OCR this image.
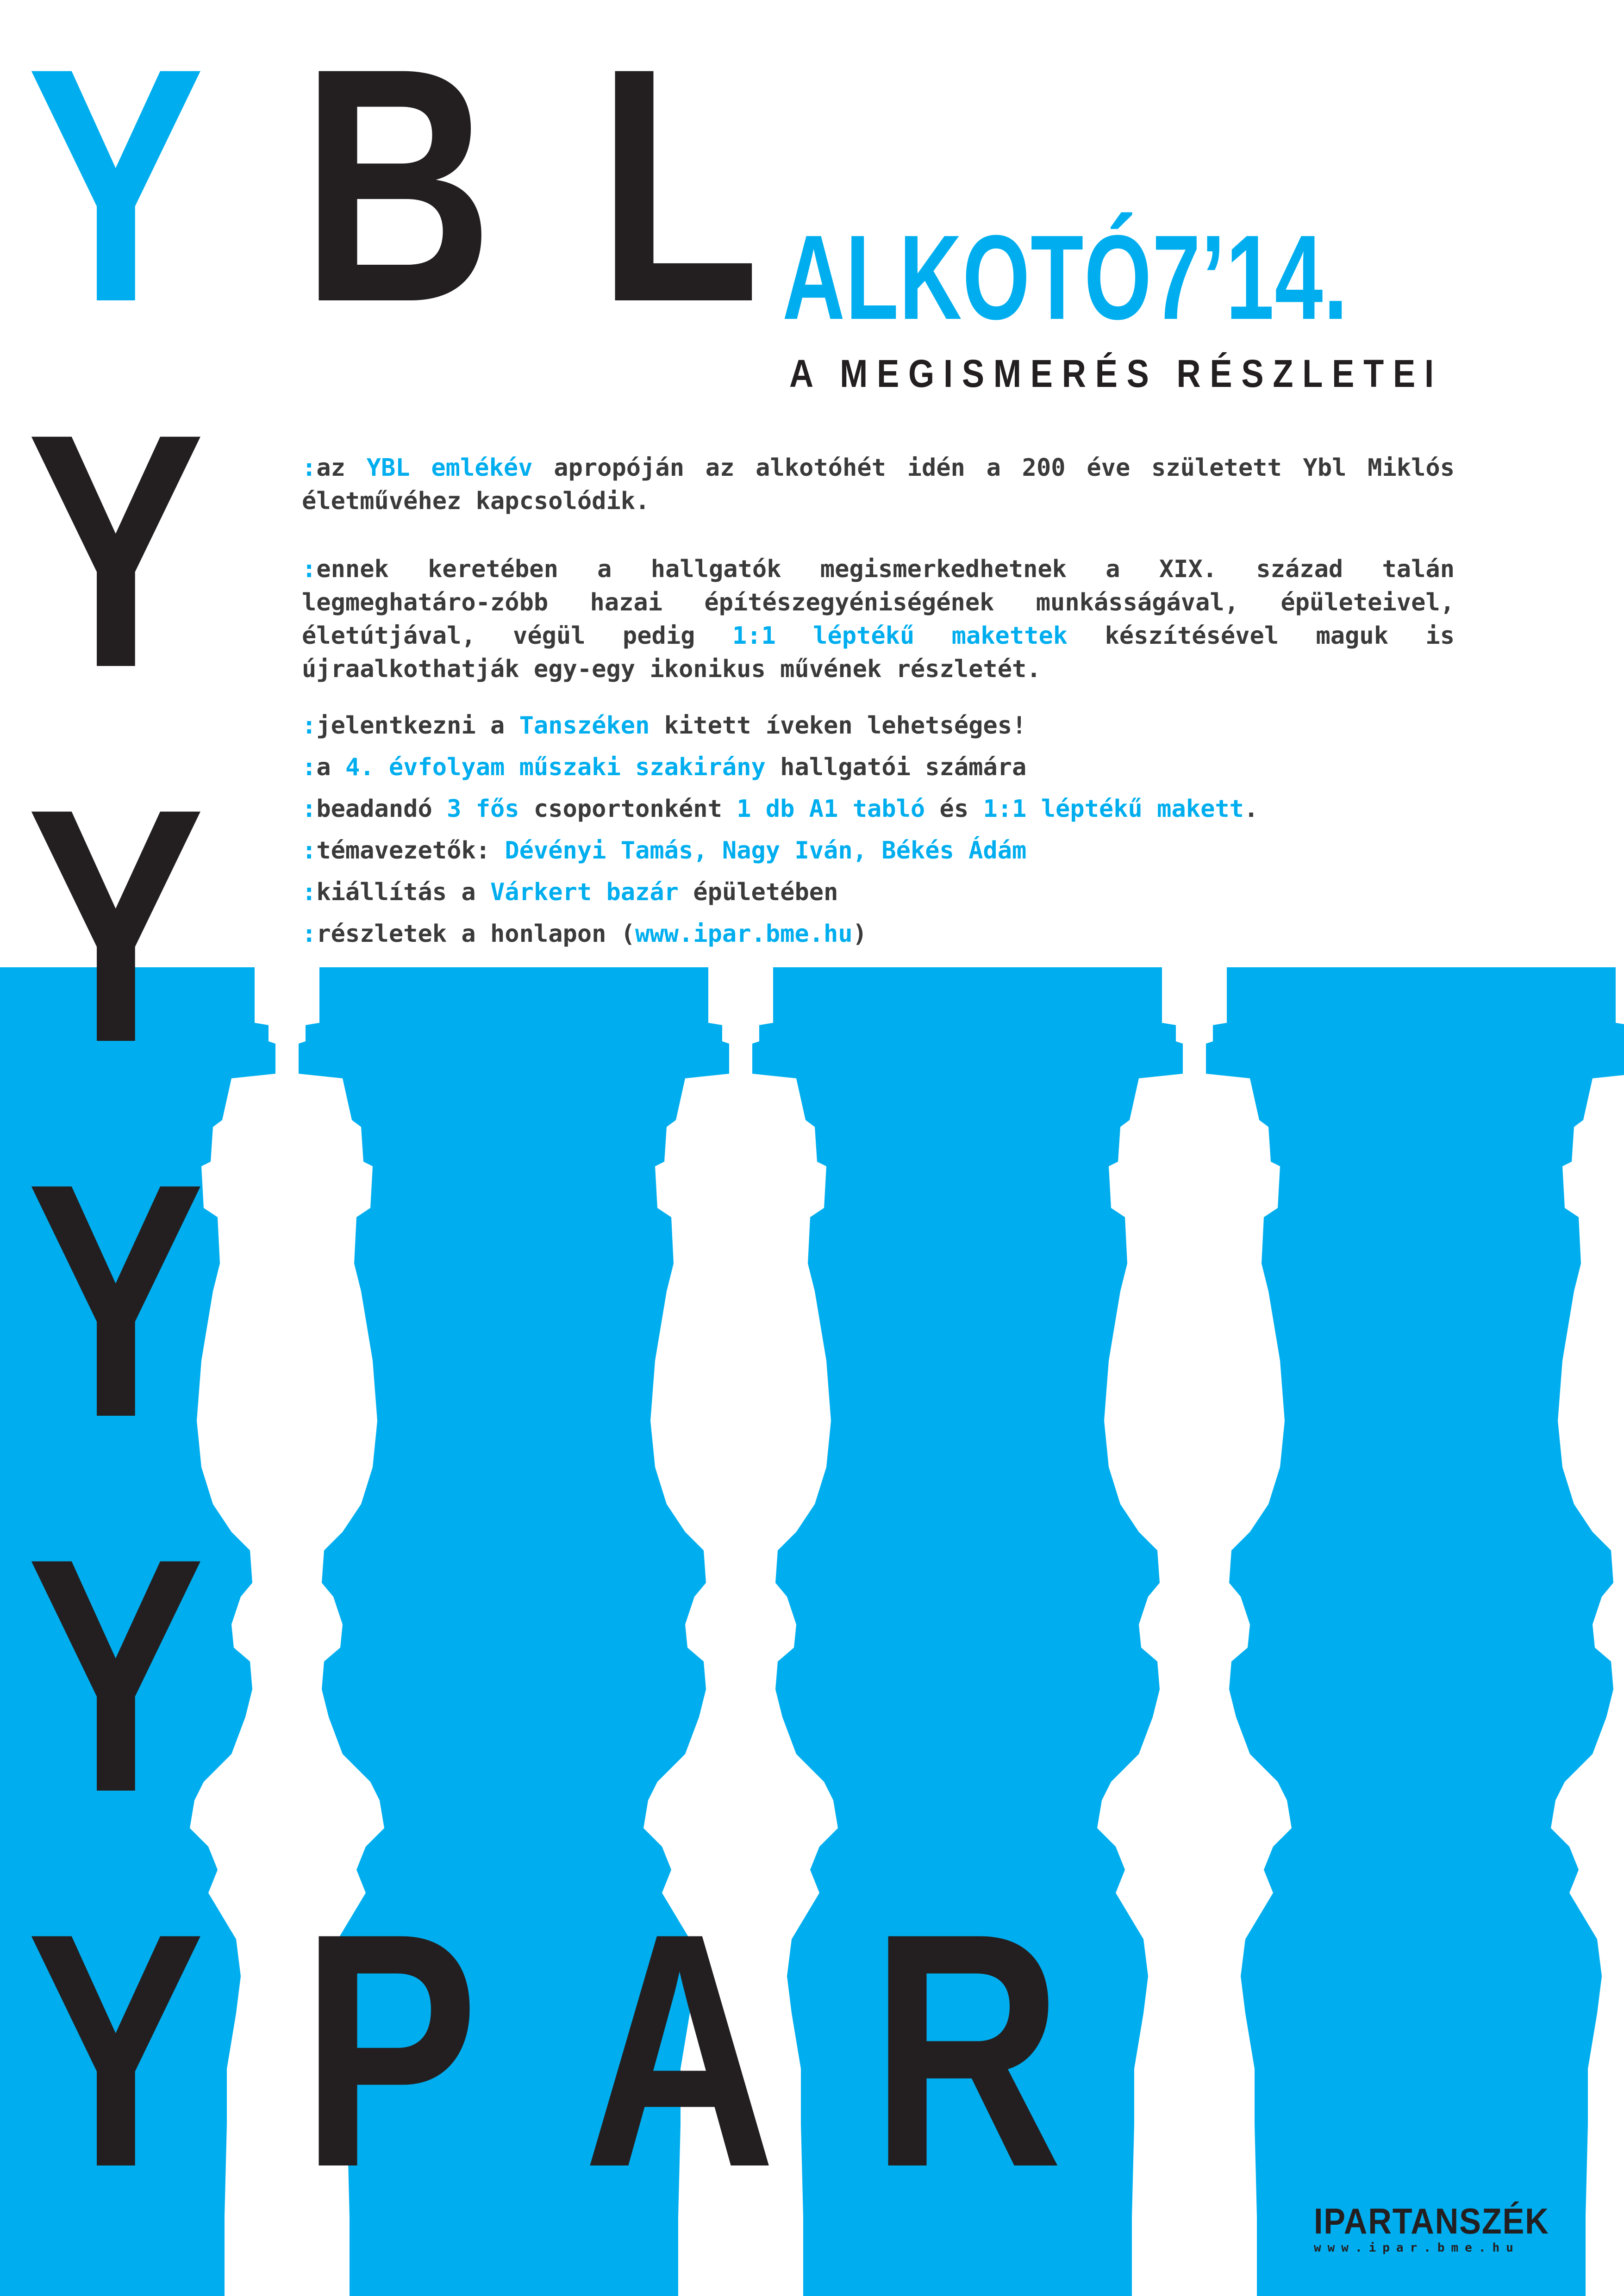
Y B L
Y
Y
Y
Y
Y P A R
ALKOTÓ7’14.
A MEGISMERÉS RÉSZLETEI

:az YBL emlékév apropóján az alkotóhét idén a 200 éve született Ybl Miklós életművéhez kapcsolódik.

:ennek keretében a hallgatók megismerkedhetnek a XIX. század talán legmeghatáro-zóbb hazai építészegyéniségének munkásságával, épületeivel, életútjával, végül pedig 1:1 léptékű makettek készítésével maguk is újraalkothatják egy-egy ikonikus művének részletét.

:jelentkezni a Tanszéken kitett íveken lehetséges!

:a 4. évfolyam műszaki szakirány hallgatói számára

:beadandó 3 fős csoportonként 1 db A1 tabló és 1:1 léptékű makett.

:témavezetők: Dévényi Tamás, Nagy Iván, Békés Ádám

:kiállítás a Várkert bazár épületében

:részletek a honlapon (www.ipar.bme.hu)

IPARTANSZÉK
www.ipar.bme.hu
